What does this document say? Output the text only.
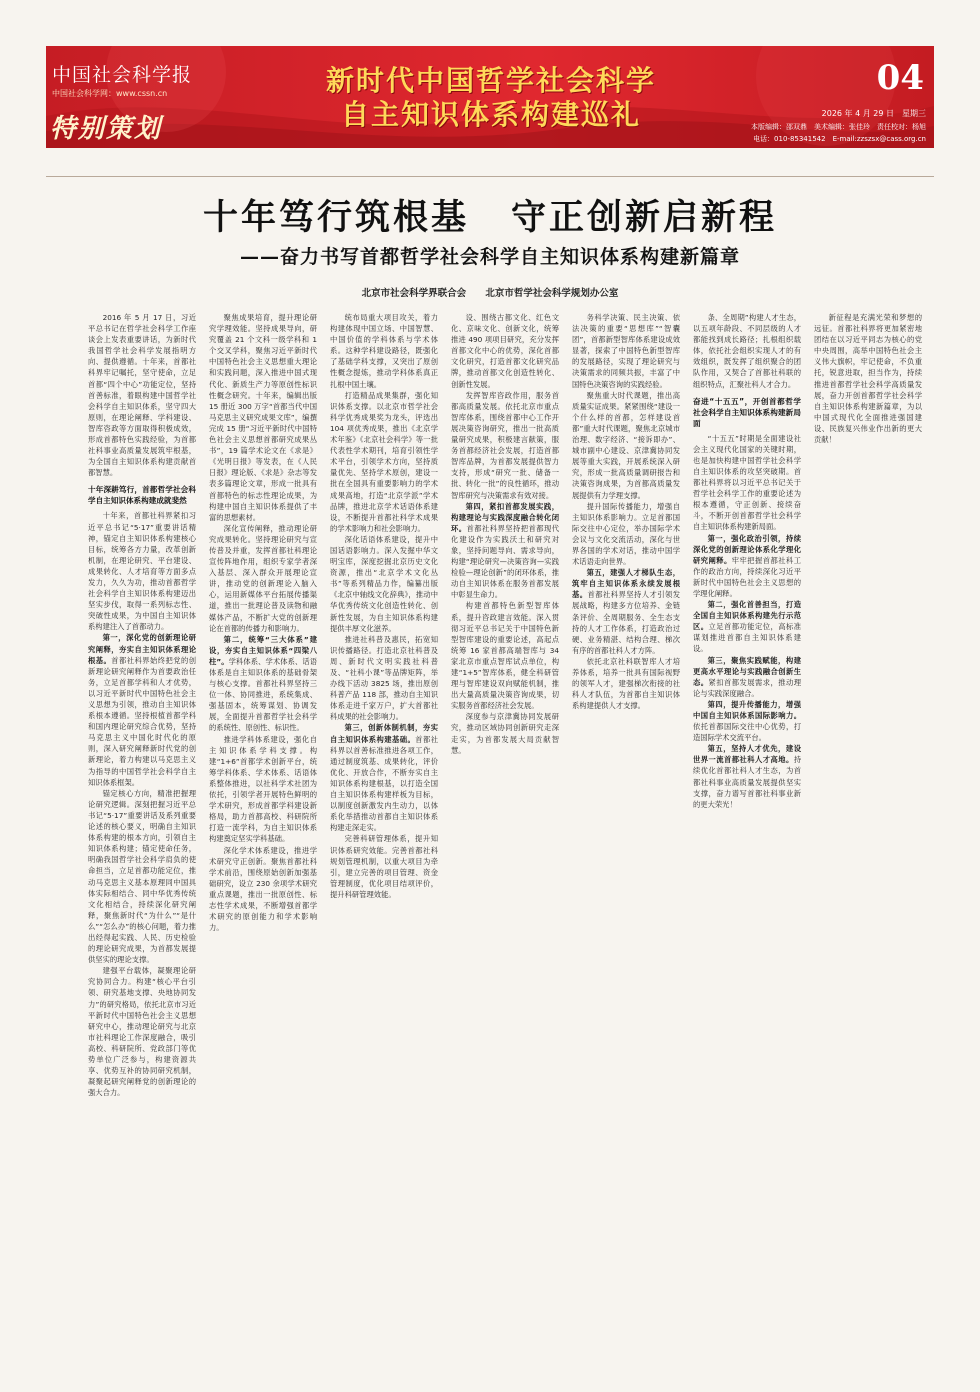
中国社会科学报
中国社会科学网：www.cssn.cn
特别策划
新时代中国哲学社会科学
自主知识体系构建巡礼
04
2026 年 4 月 29 日　星期三
本版编辑：邵双鼎　美术编辑：张佳玲　责任校对：杨旭
电话：010-85341542　E-mail:zzszsx@cass.org.cn
十年笃行筑根基 守正创新启新程
——奋力书写首都哲学社会科学自主知识体系构建新篇章
北京市社会科学界联合会 北京市哲学社会科学规划办公室

2016 年 5 月 17 日，习近平总书记在哲学社会科学工作座谈会上发表重要讲话，为新时代我国哲学社会科学发展指明方向、提供遵循。十年来，首都社科界牢记嘱托，坚守使命，立足首都“四个中心”功能定位，坚持首善标准，着眼构建中国哲学社会科学自主知识体系，坚守四大原则，在理论阐释、学科建设、智库咨政等方面取得积极成效，形成首都特色实践经验，为首都社科事业高质量发展筑牢根基，为全国自主知识体系构建贡献首都智慧。

十年深耕笃行，首都哲学社会科学自主知识体系构建成就斐然

十年来，首都社科界紧扣习近平总书记“5·17”重要讲话精神，锚定自主知识体系构建核心目标，统筹各方力量，改革创新机制，在理论研究、平台建设、成果转化、人才培育等方面多点发力，久久为功，推动首都哲学社会科学自主知识体系构建迈出坚实步伐，取得一系列标志性、突破性成果，为中国自主知识体系构建注入了首都动力。

第一，深化党的创新理论研究阐释，夯实自主知识体系理论根基。首都社科界始终把党的创新理论研究阐释作为首要政治任务，立足首都学科和人才优势，以习近平新时代中国特色社会主义思想为引领，推动自主知识体系根本遵循。坚持根植首都学科和国内理论研究综合优势，坚持马克思主义中国化时代化的原则，深入研究阐释新时代党的创新理论，着力构建以马克思主义为指导的中国哲学社会科学自主知识体系框架。

锚定核心方向，精准把握理论研究逻辑。深刻把握习近平总书记“5·17”重要讲话及系列重要论述的核心要义，明确自主知识体系构建的根本方向，引领自主知识体系构建；锚定使命任务，明确我国哲学社会科学肩负的使命担当，立足首都功能定位，推动马克思主义基本原理同中国具体实际相结合、同中华优秀传统文化相结合，持续深化研究阐释，聚焦新时代“为什么”“是什么”“怎么办”的核心问题，着力推出经得起实践、人民、历史检验的理论研究成果，为首都发展提供坚实的理论支撑。

建强平台载体，凝聚理论研究协同合力。构建“核心平台引领、研究基地支撑、央地协同发力”的研究格局，依托北京市习近平新时代中国特色社会主义思想研究中心，推动理论研究与北京市社科理论工作深度融合，吸引高校、科研院所、党政部门等优势单位广泛参与，构建资源共享、优势互补的协同研究机制，凝聚起研究阐释党的创新理论的强大合力。

聚焦成果培育，提升理论研究学理效能。坚持成果导向，研究覆盖 21 个文科一级学科和 1 个交叉学科，聚焦习近平新时代中国特色社会主义思想重大理论和实践问题，深入推进中国式现代化、新质生产力等原创性标识性概念研究。十年来，编辑出版 15 册近 300 万字“首都当代中国马克思主义研究成果文库”，编撰完成 15 册“习近平新时代中国特色社会主义思想首都研究成果丛书”，19 篇学术论文在《求是》《光明日报》等发表，在《人民日报》理论版、《求是》杂志等发表多篇理论文章，形成一批具有首都特色的标志性理论成果，为构建中国自主知识体系提供了丰富的思想素材。

深化宣传阐释，推动理论研究成果转化。坚持理论研究与宣传普及并重，发挥首都社科理论宣传阵地作用，组织专家学者深入基层、深入群众开展理论宣讲，推动党的创新理论入脑入心，运用新媒体平台拓展传播渠道，推出一批理论普及读物和融媒体产品，不断扩大党的创新理论在首都的传播力和影响力。

第二，统筹“三大体系”建设，夯实自主知识体系“四梁八柱”。学科体系、学术体系、话语体系是自主知识体系的基础骨架与核心支撑。首都社科界坚持三位一体、协同推进，系统集成、强基固本，统筹谋划、协调发展，全面提升首都哲学社会科学的系统性、原创性、标识性。

推进学科体系建设，强化自主知识体系学科支撑。构建“1+6”首都学术创新平台，统筹学科体系、学术体系、话语体系整体推进，以社科学术社团为依托，引领学者开展特色鲜明的学术研究，形成首都学科建设新格局，助力首都高校、科研院所打造一流学科，为自主知识体系构建奠定坚实学科基础。

深化学术体系建设，推进学术研究守正创新。聚焦首都社科学术前沿，围绕原始创新加强基础研究，设立 230 余项学术研究重点课题，推出一批原创性、标志性学术成果，不断增强首都学术研究的原创能力和学术影响力。

统布局重大项目攻关，着力构建体现中国立场、中国智慧、中国价值的学科体系与学术体系。这种学科建设路径，既强化了基础学科支撑，又突出了原创性概念提炼，推动学科体系真正扎根中国土壤。

打造精品成果集群，强化知识体系支撑。以北京市哲学社会科学优秀成果奖为龙头，评选出 104 项优秀成果，推出《北京学术年鉴》《北京社会科学》等一批代表性学术期刊，培育引领性学术平台，引领学术方向，坚持质量优先、坚持学术原创，建设一批在全国具有重要影响力的学术成果高地，打造“北京学派”学术品牌，推进北京学术话语体系建设，不断提升首都社科学术成果的学术影响力和社会影响力。

深化话语体系建设，提升中国话语影响力。深入发掘中华文明宝库，深度挖掘北京历史文化资源，推出“北京学术文化丛书”等系列精品力作，编纂出版《北京中轴线文化辞典》，推动中华优秀传统文化创造性转化、创新性发展，为自主知识体系构建提供丰厚文化滋养。

推进社科普及惠民，拓宽知识传播路径。打造北京社科普及周、新时代文明实践社科普及、“社科小课”等品牌矩阵，举办线下活动 3825 场，推出原创科普产品 118 部，推动自主知识体系走进千家万户，扩大首都社科成果的社会影响力。

第三，创新体制机制，夯实自主知识体系构建基础。首都社科界以首善标准推进各项工作，通过制度筑基、成果转化，评价优化、开放合作，不断夯实自主知识体系构建根基，以打造全国自主知识体系构建样板为目标，以制度创新激发内生动力，以体系化举措推动首都自主知识体系构建走深走实。

完善科研管理体系，提升知识体系研究效能。完善首都社科规划管理机制，以重大项目为牵引，建立完善的项目管理、资金管理制度，优化项目结项评价，提升科研管理效能。

设、围绕古都文化、红色文化、京味文化、创新文化，统筹推进 490 项项目研究，充分发挥首都文化中心的优势，深化首都文化研究，打造首都文化研究品牌，推动首都文化创造性转化、创新性发展。

发挥智库咨政作用，服务首都高质量发展。依托北京市重点智库体系，围绕首都中心工作开展决策咨询研究，推出一批高质量研究成果，积极建言献策，服务首都经济社会发展，打造首都智库品牌，为首都发展提供智力支持，形成“研究一批、储备一批、转化一批”的良性循环，推动智库研究与决策需求有效对接。

第四，紧扣首都发展实践，构建理论与实践深度融合转化闭环。首都社科界坚持把首都现代化建设作为实践沃土和研究对象，坚持问题导向、需求导向，构建“理论研究—决策咨询—实践检验—理论创新”的闭环体系，推动自主知识体系在服务首都发展中彰显生命力。

构建首都特色新型智库体系，提升咨政建言效能。深入贯彻习近平总书记关于中国特色新型智库建设的重要论述，高起点统筹 16 家首都高端智库与 34 家北京市重点智库试点单位，构建“1+5”智库体系，健全科研管理与智库建设双向赋能机制，推出大量高质量决策咨询成果，切实服务首都经济社会发展。

深度参与京津冀协同发展研究，推动区域协同创新研究走深走实，为首都发展大局贡献智慧。

务科学决策、民主决策、依法决策的重要“思想库”“智囊团”，首都新型智库体系建设成效显著，探索了中国特色新型智库的发展路径，实现了理论研究与决策需求的同频共振，丰富了中国特色决策咨询的实践经验。

聚焦重大时代课题，推出高质量实证成果。紧紧围绕“建设一个什么样的首都，怎样建设首都”重大时代课题，聚焦北京城市治理、数字经济、“接诉即办”、城市副中心建设、京津冀协同发展等重大实践，开展系统深入研究，形成一批高质量调研报告和决策咨询成果，为首都高质量发展提供有力学理支撑。

提升国际传播能力，增强自主知识体系影响力。立足首都国际交往中心定位，举办国际学术会议与文化交流活动，深化与世界各国的学术对话，推动中国学术话语走向世界。

第五，建强人才梯队生态，筑牢自主知识体系永续发展根基。首都社科界坚持人才引领发展战略，构建多方位培养、金链条评价、全周期服务、全生态支持的人才工作体系，打造政治过硬、业务精湛、结构合理、梯次有序的首都社科人才方阵。

依托北京社科联智库人才培养体系，培养一批具有国际视野的领军人才，建强梯次衔接的社科人才队伍，为首都自主知识体系构建提供人才支撑。

条、全周期”构建人才生态，以五项年龄段、不同层级的人才都能找到成长路径；扎根组织载体，依托社会组织实现人才的有效组织，既发挥了组织聚合的团队作用，又契合了首都社科联的组织特点，汇聚社科人才合力。

奋进“十五五”，开创首都哲学社会科学自主知识体系构建新局面

“十五五”时期是全面建设社会主义现代化国家的关键时期，也是加快构建中国哲学社会科学自主知识体系的攻坚突破期。首都社科界将以习近平总书记关于哲学社会科学工作的重要论述为根本遵循，守正创新、接续奋斗，不断开创首都哲学社会科学自主知识体系构建新局面。

第一，强化政治引领，持续深化党的创新理论体系化学理化研究阐释。牢牢把握首都社科工作的政治方向，持续深化习近平新时代中国特色社会主义思想的学理化阐释。

第二，强化首善担当，打造全国自主知识体系构建先行示范区。立足首都功能定位，高标准谋划推进首都自主知识体系建设。

第三，聚焦实践赋能，构建更高水平理论与实践融合创新生态。紧扣首都发展需求，推动理论与实践深度融合。

第四，提升传播能力，增强中国自主知识体系国际影响力。依托首都国际交往中心优势，打造国际学术交流平台。

第五，坚持人才优先，建设世界一流首都社科人才高地。持续优化首都社科人才生态，为首都社科事业高质量发展提供坚实支撑，奋力谱写首都社科事业新的更大荣光！

新征程是充满光荣和梦想的远征。首都社科界将更加紧密地团结在以习近平同志为核心的党中央周围，高举中国特色社会主义伟大旗帜，牢记使命，不负重托，锐意进取，担当作为，持续推进首都哲学社会科学高质量发展，奋力开创首都哲学社会科学自主知识体系构建新篇章，为以中国式现代化全面推进强国建设、民族复兴伟业作出新的更大贡献！
